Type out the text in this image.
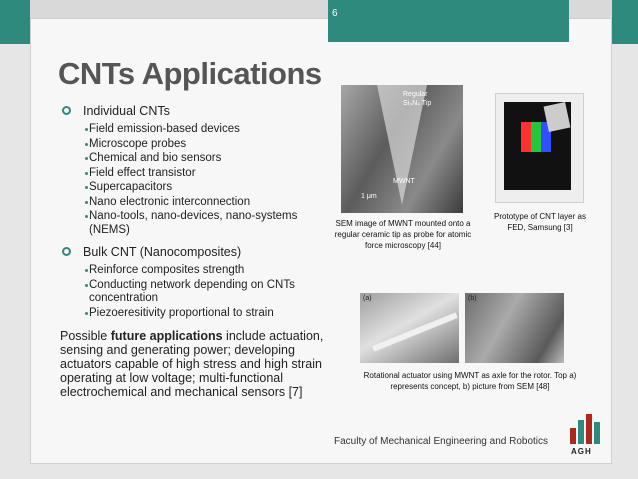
6
CNTs Applications
Individual CNTs
Field emission-based devices
Microscope probes
Chemical and bio sensors
Field effect transistor
Supercapacitors
Nano electronic interconnection
Nano-tools, nano-devices, nano-systems (NEMS)
Bulk CNT (Nanocomposites)
Reinforce composites strength
Conducting network depending on CNTs concentration
Piezoeresitivity proportional to strain
Possible future applications include actuation, sensing and generating power; developing actuators capable of high stress and high strain operating at low voltage; multi-functional electrochemical and mechanical sensors [7]
Regular
Si₃N₄ Tip
MWNT
1 μm
SEM image of MWNT mounted onto a regular ceramic tip as probe for atomic force microscopy [44]
Prototype of CNT layer as FED, Samsung [3]
(a)	(b)
Rotational actuator using MWNT as axle for the rotor. Top a) represents concept, b) picture from SEM [48]
Faculty of Mechanical Engineering and Robotics
AGH
